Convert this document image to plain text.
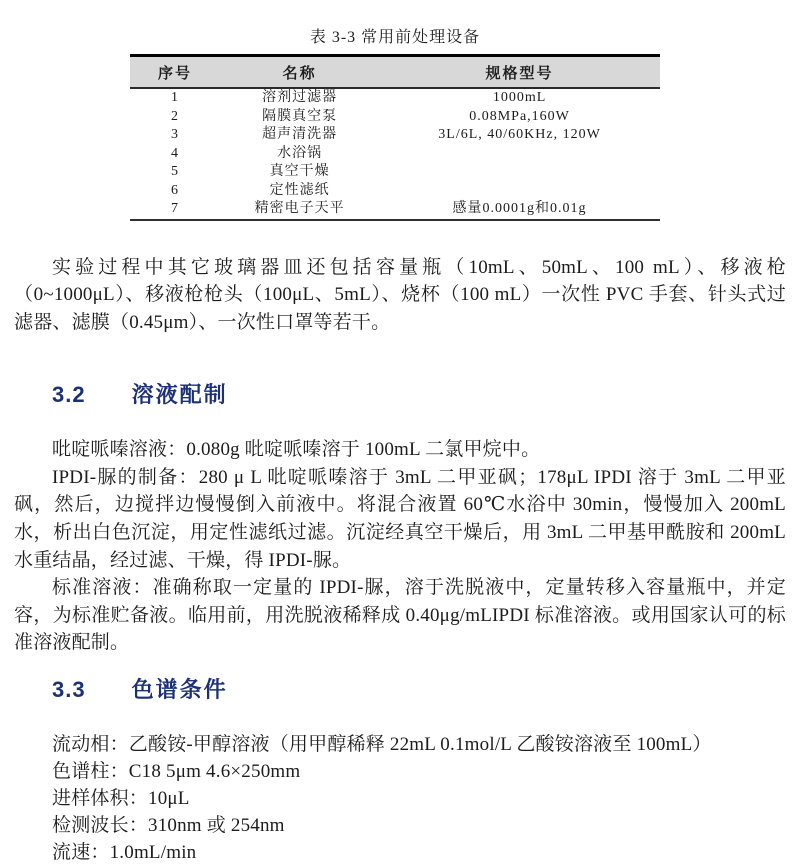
表 3-3 常用前处理设备

序号	名称	规格型号
1	溶剂过滤器	1000mL
2	隔膜真空泵	0.08MPa,160W
3	超声清洗器	3L/6L, 40/60KHz, 120W
4	水浴锅	
5	真空干燥	
6	定性滤纸	
7	精密电子天平	感量0.0001g和0.01g

实验过程中其它玻璃器皿还包括容量瓶（10mL、50mL、100 mL）、移液枪（0~1000μL）、移液枪枪头（100μL、5mL）、烧杯（100 mL）一次性 PVC 手套、针头式过滤器、滤膜（0.45μm）、一次性口罩等若干。

3.2 溶液配制

吡啶哌嗪溶液：0.080g 吡啶哌嗪溶于 100mL 二氯甲烷中。

IPDI-脲的制备：280 μ L 吡啶哌嗪溶于 3mL 二甲亚砜；178μL IPDI 溶于 3mL 二甲亚砜，然后，边搅拌边慢慢倒入前液中。将混合液置 60℃水浴中 30min，慢慢加入 200mL 水，析出白色沉淀，用定性滤纸过滤。沉淀经真空干燥后，用 3mL 二甲基甲酰胺和 200mL 水重结晶，经过滤、干燥，得 IPDI-脲。

标准溶液：准确称取一定量的 IPDI-脲，溶于洗脱液中，定量转移入容量瓶中，并定容，为标准贮备液。临用前，用洗脱液稀释成 0.40μg/mLIPDI 标准溶液。或用国家认可的标准溶液配制。

3.3 色谱条件

流动相：乙酸铵-甲醇溶液（用甲醇稀释 22mL 0.1mol/L 乙酸铵溶液至 100mL）

色谱柱：C18 5μm 4.6×250mm

进样体积：10μL

检测波长：310nm 或 254nm

流速：1.0mL/min
